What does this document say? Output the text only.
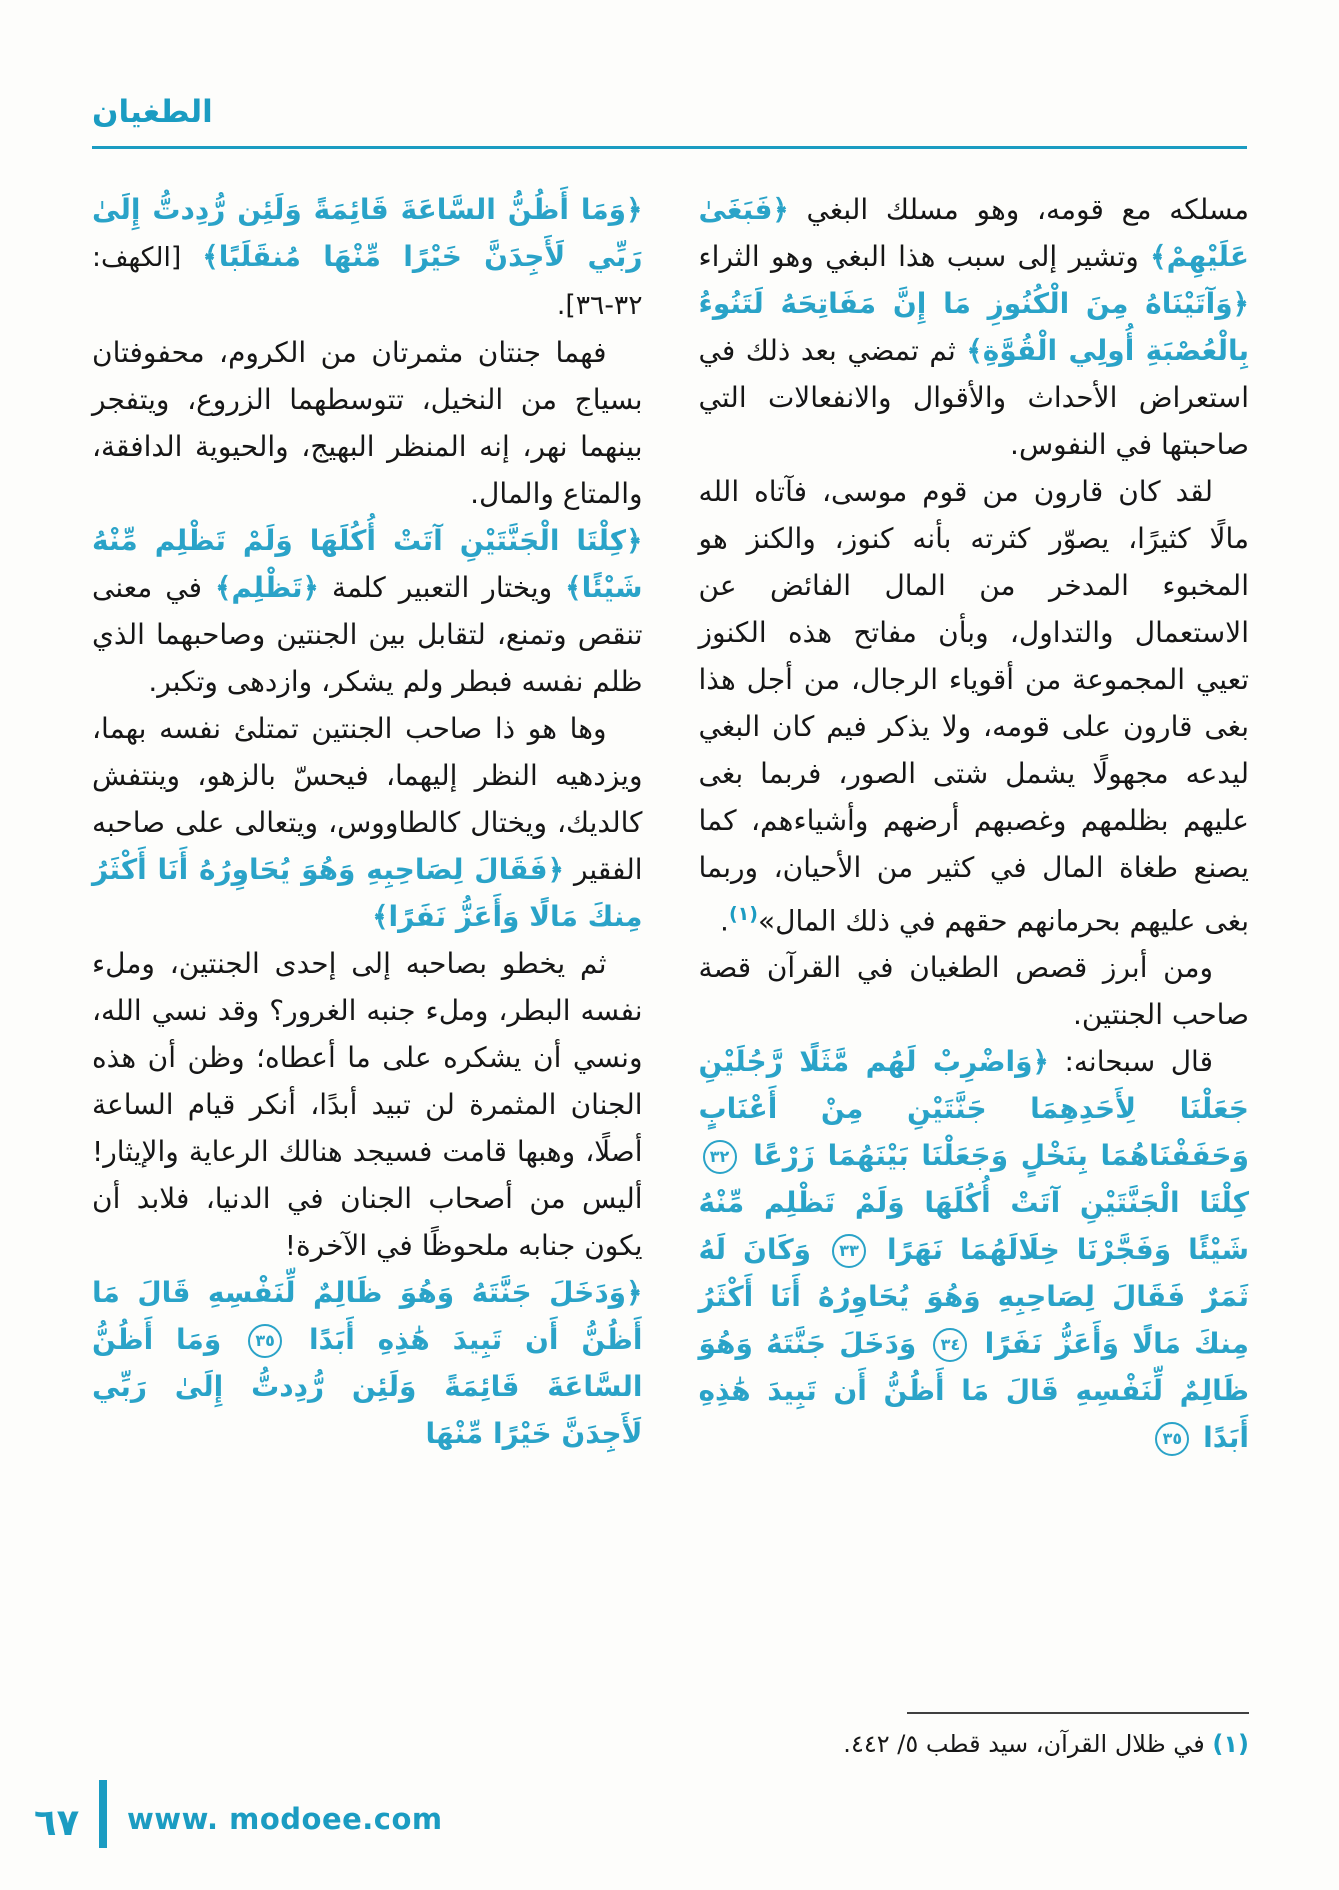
الطغيان

مسلكه مع قومه، وهو مسلك البغي ﴿فَبَغَىٰ عَلَيْهِمْ﴾ وتشير إلى سبب هذا البغي وهو الثراء ﴿وَآتَيْنَاهُ مِنَ الْكُنُوزِ مَا إِنَّ مَفَاتِحَهُ لَتَنُوءُ بِالْعُصْبَةِ أُولِي الْقُوَّةِ﴾ ثم تمضي بعد ذلك في استعراض الأحداث والأقوال والانفعالات التي صاحبتها في النفوس.

لقد كان قارون من قوم موسى، فآتاه الله مالًا كثيرًا، يصوّر كثرته بأنه كنوز، والكنز هو المخبوء المدخر من المال الفائض عن الاستعمال والتداول، وبأن مفاتح هذه الكنوز تعيي المجموعة من أقوياء الرجال، من أجل هذا بغى قارون على قومه، ولا يذكر فيم كان البغي ليدعه مجهولًا يشمل شتى الصور، فربما بغى عليهم بظلمهم وغصبهم أرضهم وأشياءهم، كما يصنع طغاة المال في كثير من الأحيان، وربما بغى عليهم بحرمانهم حقهم في ذلك المال»$^{(١)}$.

ومن أبرز قصص الطغيان في القرآن قصة صاحب الجنتين.

قال سبحانه: ﴿وَاضْرِبْ لَهُم مَّثَلًا رَّجُلَيْنِ جَعَلْنَا لِأَحَدِهِمَا جَنَّتَيْنِ مِنْ أَعْنَابٍ وَحَفَفْنَاهُمَا بِنَخْلٍ وَجَعَلْنَا بَيْنَهُمَا زَرْعًا ٣٢ كِلْتَا الْجَنَّتَيْنِ آتَتْ أُكُلَهَا وَلَمْ تَظْلِم مِّنْهُ شَيْئًا وَفَجَّرْنَا خِلَالَهُمَا نَهَرًا ٣٣ وَكَانَ لَهُ ثَمَرٌ فَقَالَ لِصَاحِبِهِ وَهُوَ يُحَاوِرُهُ أَنَا أَكْثَرُ مِنكَ مَالًا وَأَعَزُّ نَفَرًا ٣٤ وَدَخَلَ جَنَّتَهُ وَهُوَ ظَالِمٌ لِّنَفْسِهِ قَالَ مَا أَظُنُّ أَن تَبِيدَ هَٰذِهِ أَبَدًا ٣٥

(١) في ظلال القرآن، سيد قطب ٥/ ٤٤٢.

﴿وَمَا أَظُنُّ السَّاعَةَ قَائِمَةً وَلَئِن رُّدِدتُّ إِلَىٰ رَبِّي لَأَجِدَنَّ خَيْرًا مِّنْهَا مُنقَلَبًا﴾ [الكهف: ٣٢-٣٦].

فهما جنتان مثمرتان من الكروم، محفوفتان بسياج من النخيل، تتوسطهما الزروع، ويتفجر بينهما نهر، إنه المنظر البهيج، والحيوية الدافقة، والمتاع والمال.

﴿كِلْتَا الْجَنَّتَيْنِ آتَتْ أُكُلَهَا وَلَمْ تَظْلِم مِّنْهُ شَيْئًا﴾ ويختار التعبير كلمة ﴿تَظْلِم﴾ في معنى تنقص وتمنع، لتقابل بين الجنتين وصاحبهما الذي ظلم نفسه فبطر ولم يشكر، وازدهى وتكبر.

وها هو ذا صاحب الجنتين تمتلئ نفسه بهما، ويزدهيه النظر إليهما، فيحسّ بالزهو، وينتفش كالديك، ويختال كالطاووس، ويتعالى على صاحبه الفقير ﴿فَقَالَ لِصَاحِبِهِ وَهُوَ يُحَاوِرُهُ أَنَا أَكْثَرُ مِنكَ مَالًا وَأَعَزُّ نَفَرًا﴾

ثم يخطو بصاحبه إلى إحدى الجنتين، وملء نفسه البطر، وملء جنبه الغرور؟ وقد نسي الله، ونسي أن يشكره على ما أعطاه؛ وظن أن هذه الجنان المثمرة لن تبيد أبدًا، أنكر قيام الساعة أصلًا، وهبها قامت فسيجد هنالك الرعاية والإيثار! أليس من أصحاب الجنان في الدنيا، فلابد أن يكون جنابه ملحوظًا في الآخرة!

﴿وَدَخَلَ جَنَّتَهُ وَهُوَ ظَالِمٌ لِّنَفْسِهِ قَالَ مَا أَظُنُّ أَن تَبِيدَ هَٰذِهِ أَبَدًا ٣٥ وَمَا أَظُنُّ السَّاعَةَ قَائِمَةً وَلَئِن رُّدِدتُّ إِلَىٰ رَبِّي لَأَجِدَنَّ خَيْرًا مِّنْهَا

٦٧ www. modoee.com
